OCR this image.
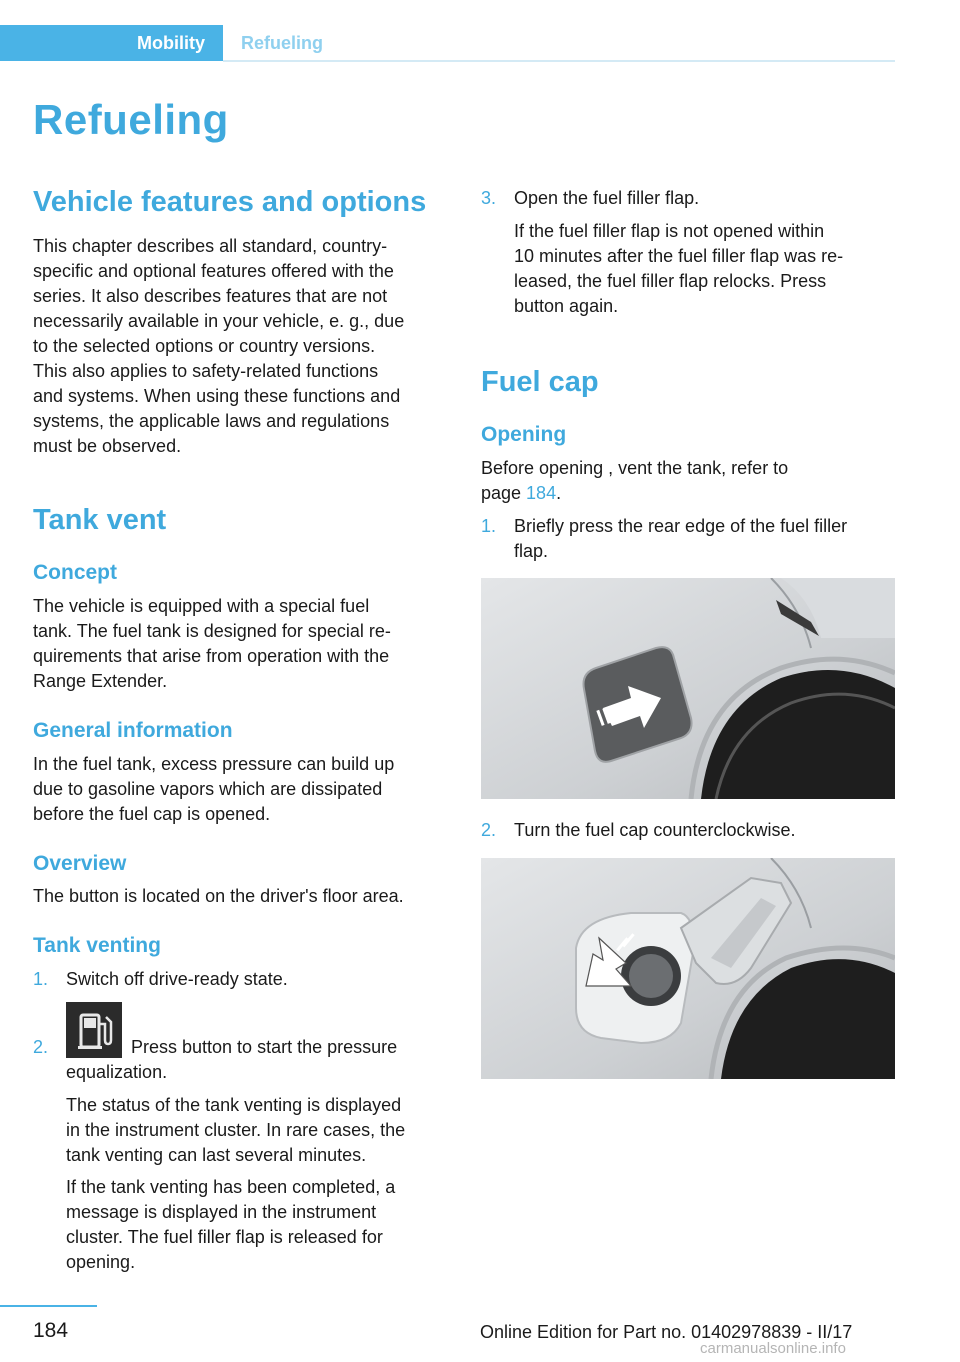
Mobility	Refueling
Refueling
Vehicle features and options

This chapter describes all standard, country-

specific and optional features offered with the

series. It also describes features that are not

necessarily available in your vehicle, e. g., due

to the selected options or country versions.

This also applies to safety-related functions

and systems. When using these functions and

systems, the applicable laws and regulations

must be observed.

Tank vent
Concept

The vehicle is equipped with a special fuel

tank. The fuel tank is designed for special re‐

quirements that arise from operation with the

Range Extender.

General information

In the fuel tank, excess pressure can build up

due to gasoline vapors which are dissipated

before the fuel cap is opened.

Overview

The button is located on the driver's floor area.

Tank venting
1. Switch off drive-ready state.
2.	Press button to start the pressure
equalization.

The status of the tank venting is displayed

in the instrument cluster. In rare cases, the

tank venting can last several minutes.

If the tank venting has been completed, a

message is displayed in the instrument

cluster. The fuel filler flap is released for

opening.

3. Open the fuel filler flap.

If the fuel filler flap is not opened within

10 minutes after the fuel filler flap was re‐

leased, the fuel filler flap relocks. Press

button again.

Fuel cap
Opening

Before opening , vent the tank, refer to

page 184.

1. Briefly press the rear edge of the fuel filler

flap.

2. Turn the fuel cap counterclockwise.
184	Online Edition for Part no. 01402978839 - II/17
carmanualsonline.info
